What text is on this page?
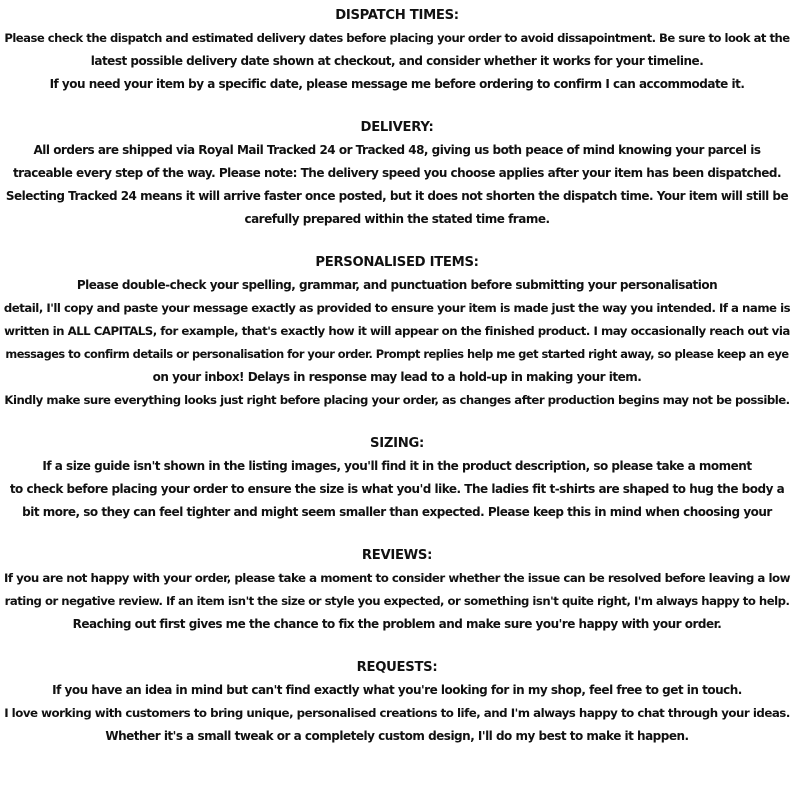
DISPATCH TIMES:

Please check the dispatch and estimated delivery dates before placing your order to avoid dissapointment. Be sure to look at the

latest possible delivery date shown at checkout, and consider whether it works for your timeline.

If you need your item by a specific date, please message me before ordering to confirm I can accommodate it.

DELIVERY:

All orders are shipped via Royal Mail Tracked 24 or Tracked 48, giving us both peace of mind knowing your parcel is

traceable every step of the way. Please note: The delivery speed you choose applies after your item has been dispatched.

Selecting Tracked 24 means it will arrive faster once posted, but it does not shorten the dispatch time. Your item will still be

carefully prepared within the stated time frame.

PERSONALISED ITEMS:

Please double-check your spelling, grammar, and punctuation before submitting your personalisation

detail, I'll copy and paste your message exactly as provided to ensure your item is made just the way you intended. If a name is

written in ALL CAPITALS, for example, that's exactly how it will appear on the finished product. I may occasionally reach out via

messages to confirm details or personalisation for your order. Prompt replies help me get started right away, so please keep an eye

on your inbox! Delays in response may lead to a hold-up in making your item.

Kindly make sure everything looks just right before placing your order, as changes after production begins may not be possible.

SIZING:

If a size guide isn't shown in the listing images, you'll find it in the product description, so please take a moment

to check before placing your order to ensure the size is what you'd like. The ladies fit t-shirts are shaped to hug the body a

bit more, so they can feel tighter and might seem smaller than expected. Please keep this in mind when choosing your

REVIEWS:

If you are not happy with your order, please take a moment to consider whether the issue can be resolved before leaving a low

rating or negative review. If an item isn't the size or style you expected, or something isn't quite right, I'm always happy to help.

Reaching out first gives me the chance to fix the problem and make sure you're happy with your order.

REQUESTS:

If you have an idea in mind but can't find exactly what you're looking for in my shop, feel free to get in touch.

I love working with customers to bring unique, personalised creations to life, and I'm always happy to chat through your ideas.

Whether it's a small tweak or a completely custom design, I'll do my best to make it happen.
